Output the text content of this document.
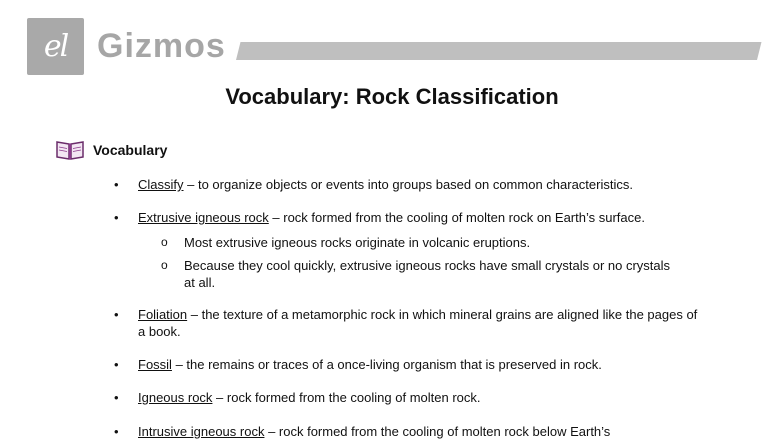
el Gizmos
Vocabulary: Rock Classification
Vocabulary
• Classify – to organize objects or events into groups based on common characteristics.
• Extrusive igneous rock – rock formed from the cooling of molten rock on Earth’s surface.
o Most extrusive igneous rocks originate in volcanic eruptions.
o Because they cool quickly, extrusive igneous rocks have small crystals or no crystals at all.
• Foliation – the texture of a metamorphic rock in which mineral grains are aligned like the pages of a book.
• Fossil – the remains or traces of a once-living organism that is preserved in rock.
• Igneous rock – rock formed from the cooling of molten rock.
• Intrusive igneous rock – rock formed from the cooling of molten rock below Earth’s
